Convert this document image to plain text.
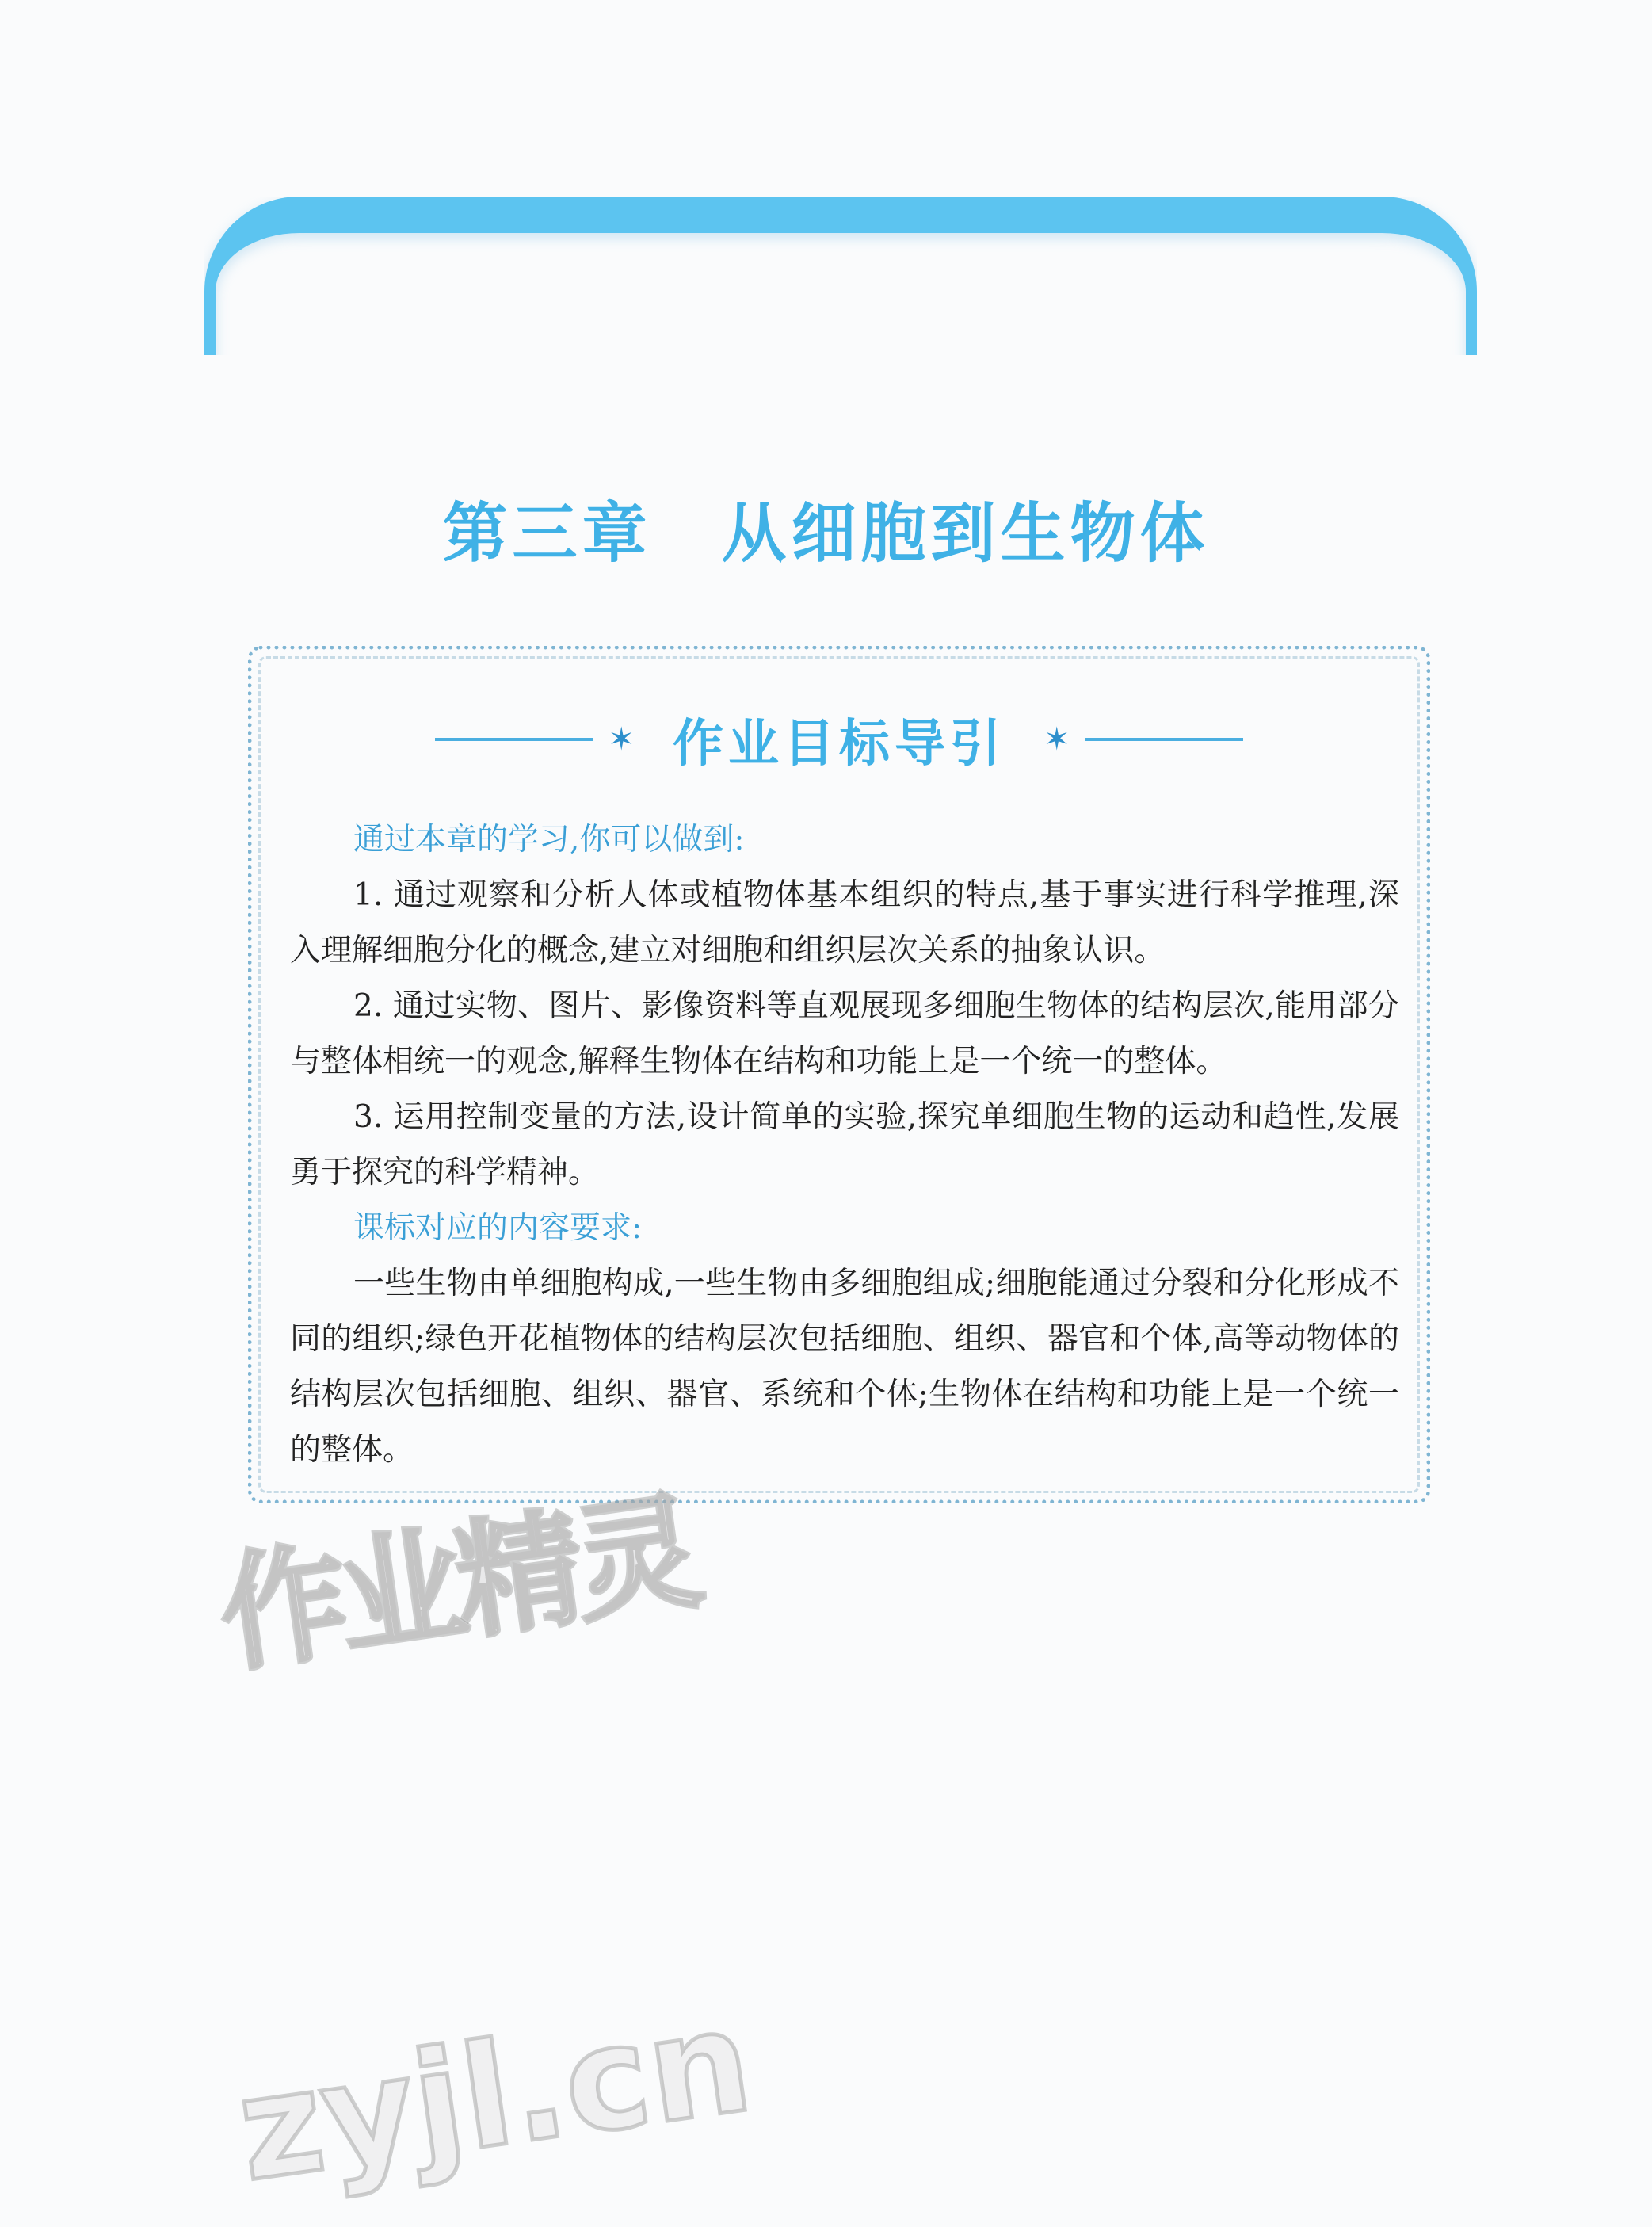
第三章　从细胞到生物体
✶ 作业目标导引 ✶

通过本章的学习,你可以做到:

1. 通过观察和分析人体或植物体基本组织的特点,基于事实进行科学推理,深入理解细胞分化的概念,建立对细胞和组织层次关系的抽象认识。

2. 通过实物、图片、影像资料等直观展现多细胞生物体的结构层次,能用部分与整体相统一的观念,解释生物体在结构和功能上是一个统一的整体。

3. 运用控制变量的方法,设计简单的实验,探究单细胞生物的运动和趋性,发展勇于探究的科学精神。

课标对应的内容要求:

一些生物由单细胞构成,一些生物由多细胞组成;细胞能通过分裂和分化形成不同的组织;绿色开花植物体的结构层次包括细胞、组织、器官和个体,高等动物体的结构层次包括细胞、组织、器官、系统和个体;生物体在结构和功能上是一个统一的整体。

作业精灵
zyjl.cn
